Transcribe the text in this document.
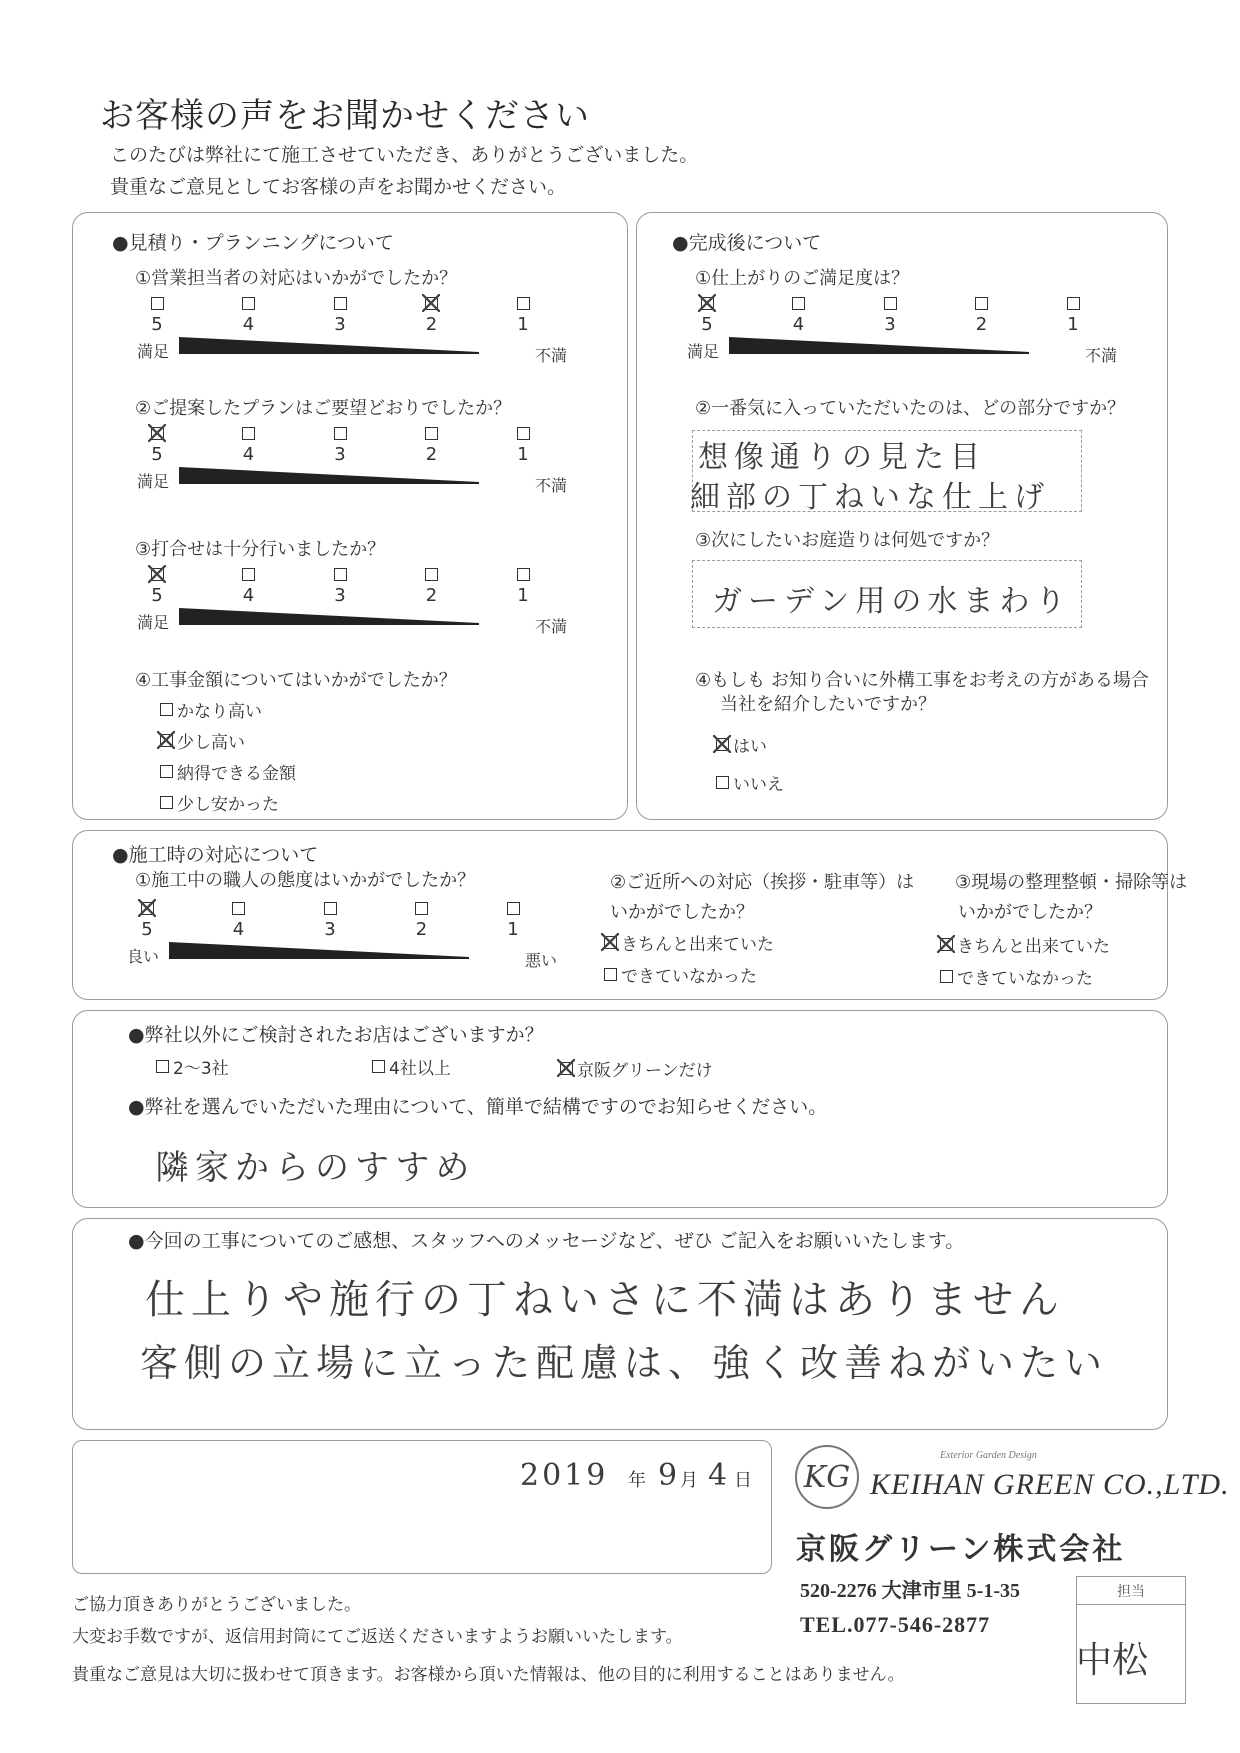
お客様の声をお聞かせください
このたびは弊社にて施工させていただき、ありがとうございました。
貴重なご意見としてお客様の声をお聞かせください。
●見積り・プランニングについて
①営業担当者の対応はいかがでしたか？
5	4	3	2	1
満足	不満
②ご提案したプランはご要望どおりでしたか？
5	4	3	2	1
満足	不満
③打合せは十分行いましたか？
5	4	3	2	1
満足	不満
④工事金額についてはいかがでしたか？
かなり高い
少し高い
納得できる金額
少し安かった
●完成後について
①仕上がりのご満足度は？
5	4	3	2	1
満足	不満
②一番気に入っていただいたのは、どの部分ですか？
想像通りの見た目
細部の丁ねいな仕上げ
③次にしたいお庭造りは何処ですか？
ガーデン用の水まわり
④もしも お知り合いに外構工事をお考えの方がある場合
当社を紹介したいですか？
はい
いいえ
●施工時の対応について
①施工中の職人の態度はいかがでしたか？
5	4	3	2	1
良い	悪い
②ご近所への対応（挨拶・駐車等）は
いかがでしたか？
きちんと出来ていた
できていなかった
③現場の整理整頓・掃除等は
いかがでしたか？
きちんと出来ていた
できていなかった
●弊社以外にご検討されたお店はございますか？
2～3社	4社以上	京阪グリーンだけ
●弊社を選んでいただいた理由について、簡単で結構ですのでお知らせください。
隣家からのすすめ
●今回の工事についてのご感想、スタッフへのメッセージなど、ぜひ ご記入をお願いいたします。
仕上りや施行の丁ねいさに不満はありません
客側の立場に立った配慮は、強く改善ねがいたい
2019 年 9
月 4 日 KG
Exterior Garden Design
KEIHAN GREEN CO.,LTD.
京阪グリーン株式会社
520-2276 大津市里 5-1-35
TEL.077-546-2877
担当
中松
ご協力頂きありがとうございました。
大変お手数ですが、返信用封筒にてご返送くださいますようお願いいたします。
貴重なご意見は大切に扱わせて頂きます。お客様から頂いた情報は、他の目的に利用することはありません。
